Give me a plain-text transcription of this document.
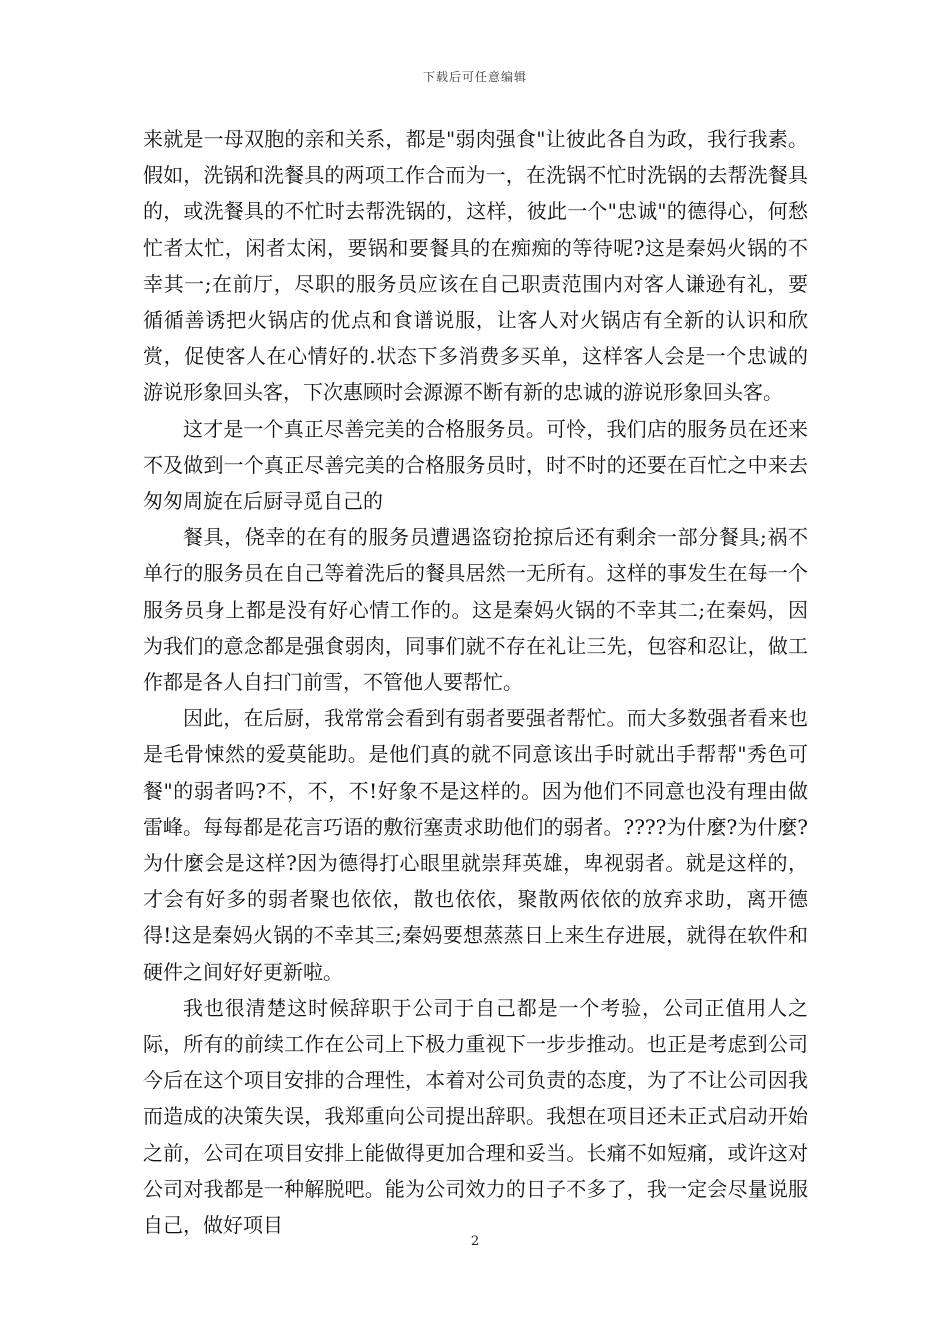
下载后可任意编辑

来就是一母双胞的亲和关系，都是"弱肉强食"让彼此各自为政，我行我素。假如，洗锅和洗餐具的两项工作合而为一，在洗锅不忙时洗锅的去帮洗餐具的，或洗餐具的不忙时去帮洗锅的，这样，彼此一个"忠诚"的德得心，何愁忙者太忙，闲者太闲，要锅和要餐具的在痴痴的等待呢?这是秦妈火锅的不幸其一;在前厅，尽职的服务员应该在自己职责范围内对客人谦逊有礼，要循循善诱把火锅店的优点和食谱说服，让客人对火锅店有全新的认识和欣赏，促使客人在心情好的.状态下多消费多买单，这样客人会是一个忠诚的游说形象回头客，下次惠顾时会源源不断有新的忠诚的游说形象回头客。

这才是一个真正尽善完美的合格服务员。可怜，我们店的服务员在还来不及做到一个真正尽善完美的合格服务员时，时不时的还要在百忙之中来去匆匆周旋在后厨寻觅自己的

餐具，侥幸的在有的服务员遭遇盗窃抢掠后还有剩余一部分餐具;祸不单行的服务员在自己等着洗后的餐具居然一无所有。这样的事发生在每一个服务员身上都是没有好心情工作的。这是秦妈火锅的不幸其二;在秦妈，因为我们的意念都是强食弱肉，同事们就不存在礼让三先，包容和忍让，做工作都是各人自扫门前雪，不管他人要帮忙。

因此，在后厨，我常常会看到有弱者要强者帮忙。而大多数强者看来也是毛骨悚然的爱莫能助。是他们真的就不同意该出手时就出手帮帮"秀色可餐"的弱者吗?不，不，不!好象不是这样的。因为他们不同意也没有理由做雷峰。每每都是花言巧语的敷衍塞责求助他们的弱者。????为什麼?为什麼?为什麼会是这样?因为德得打心眼里就崇拜英雄，卑视弱者。就是这样的，才会有好多的弱者聚也依依，散也依依，聚散两依依的放弃求助，离开德得!这是秦妈火锅的不幸其三;秦妈要想蒸蒸日上来生存进展，就得在软件和硬件之间好好更新啦。

我也很清楚这时候辞职于公司于自己都是一个考验，公司正值用人之际，所有的前续工作在公司上下极力重视下一步步推动。也正是考虑到公司今后在这个项目安排的合理性，本着对公司负责的态度，为了不让公司因我而造成的决策失误，我郑重向公司提出辞职。我想在项目还未正式启动开始之前，公司在项目安排上能做得更加合理和妥当。长痛不如短痛，或许这对公司对我都是一种解脱吧。能为公司效力的日子不多了，我一定会尽量说服自己，做好项目

2
